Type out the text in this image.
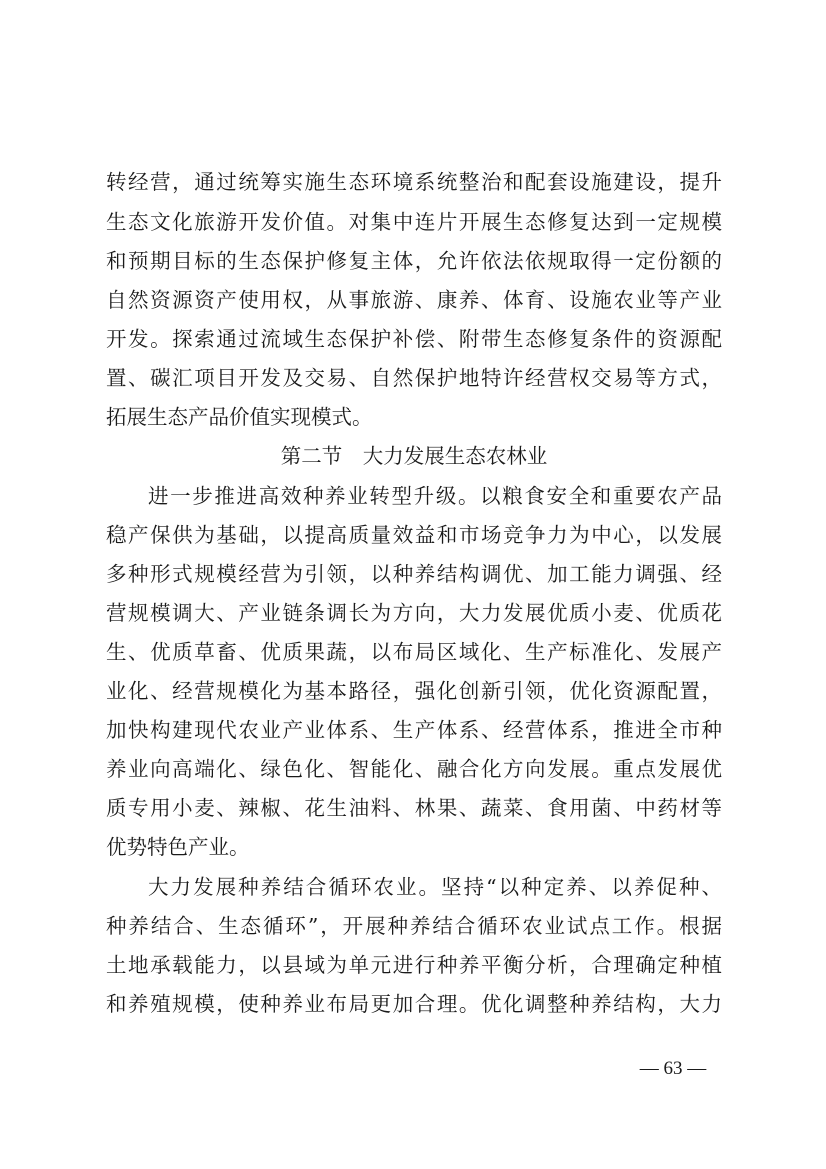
转经营，通过统筹实施生态环境系统整治和配套设施建设，提升
生态文化旅游开发价值。对集中连片开展生态修复达到一定规模
和预期目标的生态保护修复主体，允许依法依规取得一定份额的
自然资源资产使用权，从事旅游、康养、体育、设施农业等产业
开发。探索通过流域生态保护补偿、附带生态修复条件的资源配
置、碳汇项目开发及交易、自然保护地特许经营权交易等方式，
拓展生态产品价值实现模式。
第二节　大力发展生态农林业
进一步推进高效种养业转型升级。以粮食安全和重要农产品
稳产保供为基础，以提高质量效益和市场竞争力为中心，以发展
多种形式规模经营为引领，以种养结构调优、加工能力调强、经
营规模调大、产业链条调长为方向，大力发展优质小麦、优质花
生、优质草畜、优质果蔬，以布局区域化、生产标准化、发展产
业化、经营规模化为基本路径，强化创新引领，优化资源配置，
加快构建现代农业产业体系、生产体系、经营体系，推进全市种
养业向高端化、绿色化、智能化、融合化方向发展。重点发展优
质专用小麦、辣椒、花生油料、林果、蔬菜、食用菌、中药材等
优势特色产业。
大力发展种养结合循环农业。坚持“以种定养、以养促种、
种养结合、生态循环”，开展种养结合循环农业试点工作。根据
土地承载能力，以县域为单元进行种养平衡分析，合理确定种植
和养殖规模，使种养业布局更加合理。优化调整种养结构，大力
— 63 —
